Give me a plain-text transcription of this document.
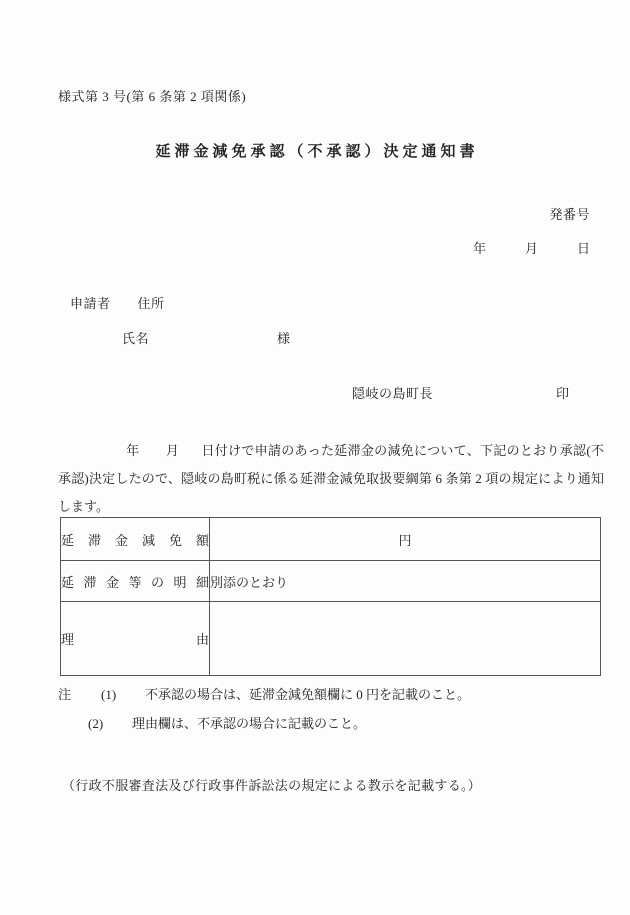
様式第 3 号(第 6 条第 2 項関係)
延滞金減免承認（不承認）決定通知書
発番号
年　　　月　　　日
申請者　　住所
氏名	様
隠岐の島町長	印
年 月 日付けで申請のあった延滞金の減免について、下記のとおり承認(不承認)決定したので、隠岐の島町税に係る延滞金減免取扱要綱第 6 条第 2 項の規定により通知します。
延滞金減免額	円

延滞金等の明細	別添のとおり

理由	

注 (1) 不承認の場合は、延滞金減免額欄に 0 円を記載のこと。
(2) 理由欄は、不承認の場合に記載のこと。
（行政不服審査法及び行政事件訴訟法の規定による教示を記載する。）
